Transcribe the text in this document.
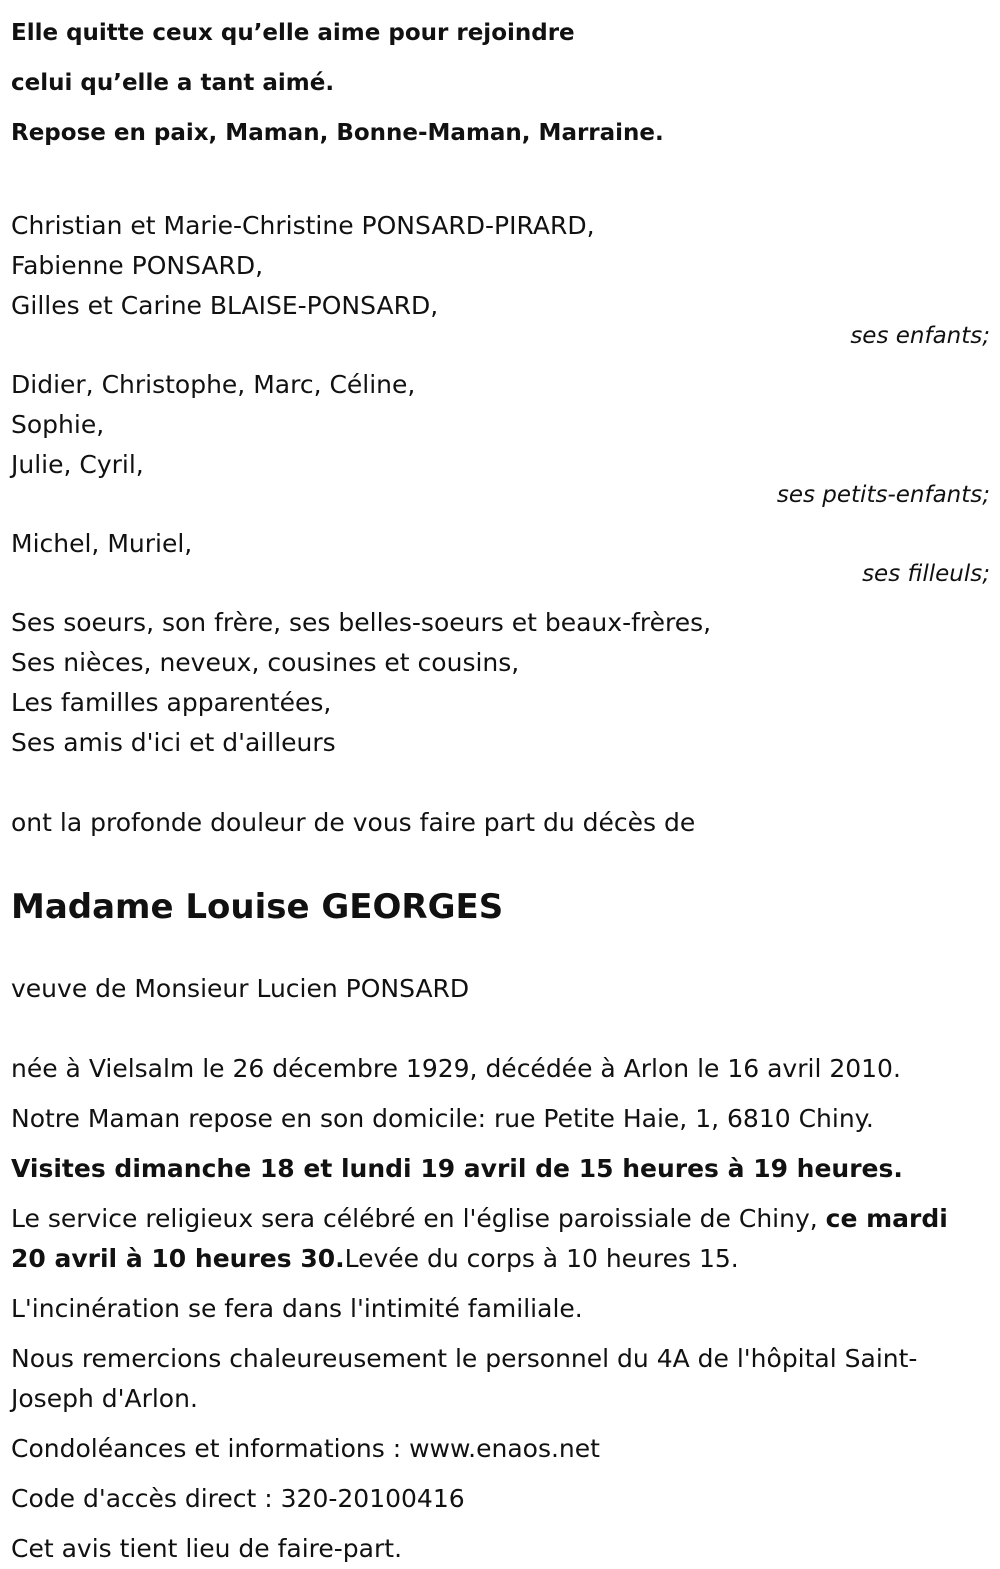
Elle quitte ceux qu’elle aime pour rejoindre
celui qu’elle a tant aimé.
Repose en paix, Maman, Bonne-Maman, Marraine.
Christian et Marie-Christine PONSARD-PIRARD,
Fabienne PONSARD,
Gilles et Carine BLAISE-PONSARD,
ses enfants;
Didier, Christophe, Marc, Céline,
Sophie,
Julie, Cyril,
ses petits-enfants;
Michel, Muriel,
ses filleuls;
Ses soeurs, son frère, ses belles-soeurs et beaux-frères,
Ses nièces, neveux, cousines et cousins,
Les familles apparentées,
Ses amis d'ici et d'ailleurs
ont la profonde douleur de vous faire part du décès de
Madame Louise GEORGES
veuve de Monsieur Lucien PONSARD
née à Vielsalm le 26 décembre 1929, décédée à Arlon le 16 avril 2010.
Notre Maman repose en son domicile: rue Petite Haie, 1, 6810 Chiny.
Visites dimanche 18 et lundi 19 avril de 15 heures à 19 heures.
Le service religieux sera célébré en l'église paroissiale de Chiny, ce mardi 20 avril à 10 heures 30.Levée du corps à 10 heures 15.
L'incinération se fera dans l'intimité familiale.
Nous remercions chaleureusement le personnel du 4A de l'hôpital Saint-Joseph d'Arlon.
Condoléances et informations : www.enaos.net
Code d'accès direct : 320-20100416
Cet avis tient lieu de faire-part.
